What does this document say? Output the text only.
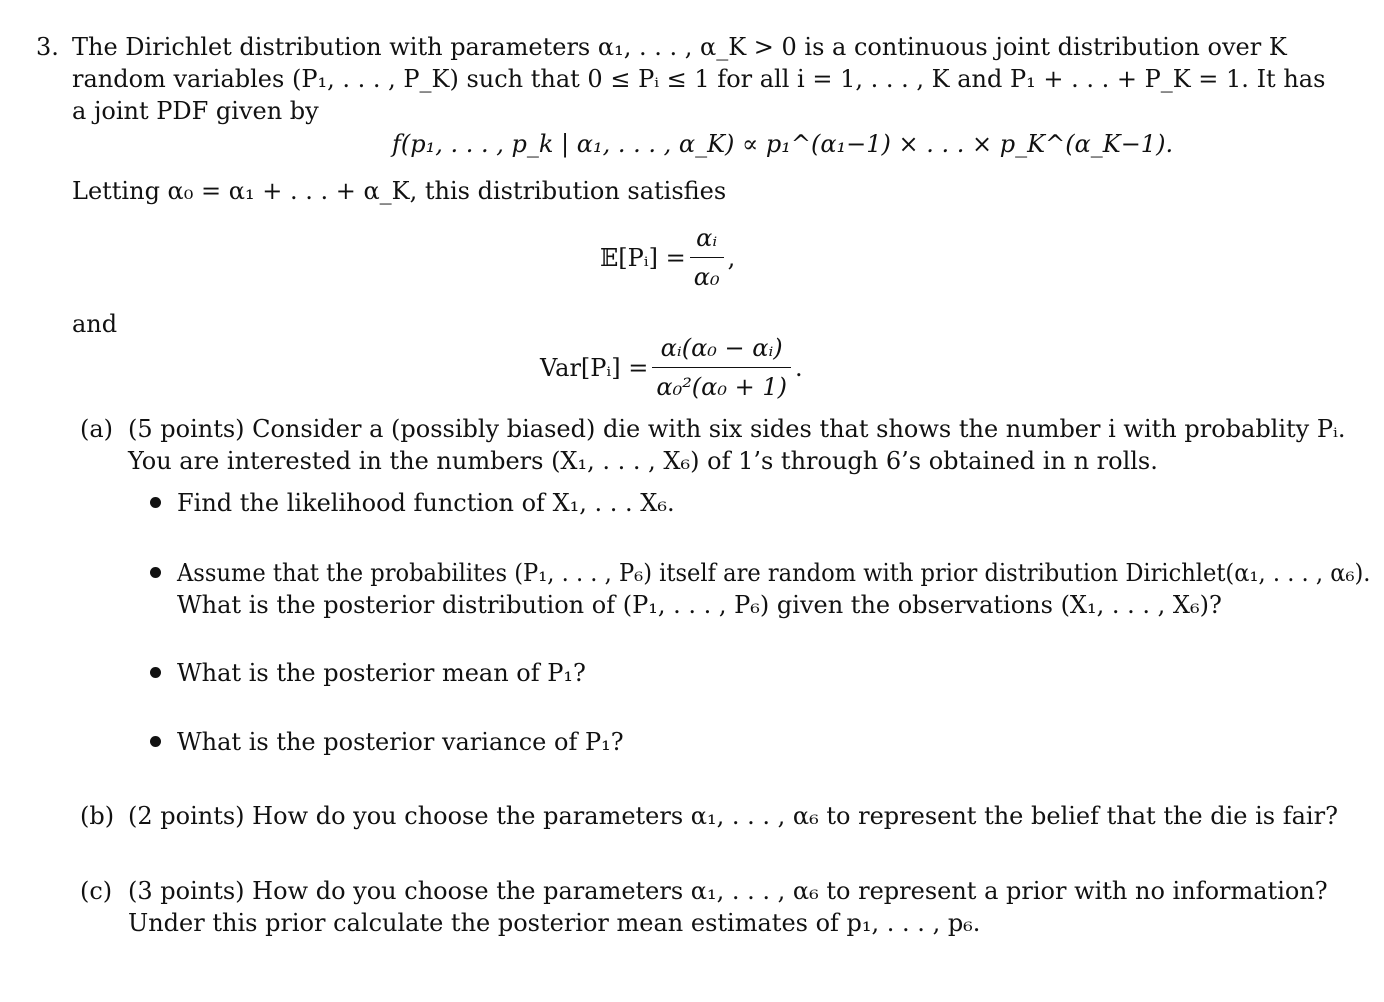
3. The Dirichlet distribution with parameters α₁, . . . , α_K > 0 is a continuous joint distribution over K
random variables (P₁, . . . , P_K) such that 0 ≤ Pᵢ ≤ 1 for all i = 1, . . . , K and P₁ + . . . + P_K = 1. It has
a joint PDF given by
f(p₁, . . . , p_k | α₁, . . . , α_K) ∝ p₁^(α₁−1) × . . . × p_K^(α_K−1).
Letting α₀ = α₁ + . . . + α_K, this distribution satisfies
𝔼[Pᵢ] = $\frac{\text{αᵢ}}{\text{α₀}}$ ,
and
Var[Pᵢ] = $\frac{\text{αᵢ(α₀ − αᵢ)}}{\text{α₀²(α₀ + 1)}}$ .
(a) (5 points) Consider a (possibly biased) die with six sides that shows the number i with probablity Pᵢ.
You are interested in the numbers (X₁, . . . , X₆) of 1’s through 6’s obtained in n rolls.
Find the likelihood function of X₁, . . . X₆.
Assume that the probabilites (P₁, . . . , P₆) itself are random with prior distribution Dirichlet(α₁, . . . , α₆).
What is the posterior distribution of (P₁, . . . , P₆) given the observations (X₁, . . . , X₆)?
What is the posterior mean of P₁?
What is the posterior variance of P₁?
(b) (2 points) How do you choose the parameters α₁, . . . , α₆ to represent the belief that the die is fair?
(c) (3 points) How do you choose the parameters α₁, . . . , α₆ to represent a prior with no information?
Under this prior calculate the posterior mean estimates of p₁, . . . , p₆.
